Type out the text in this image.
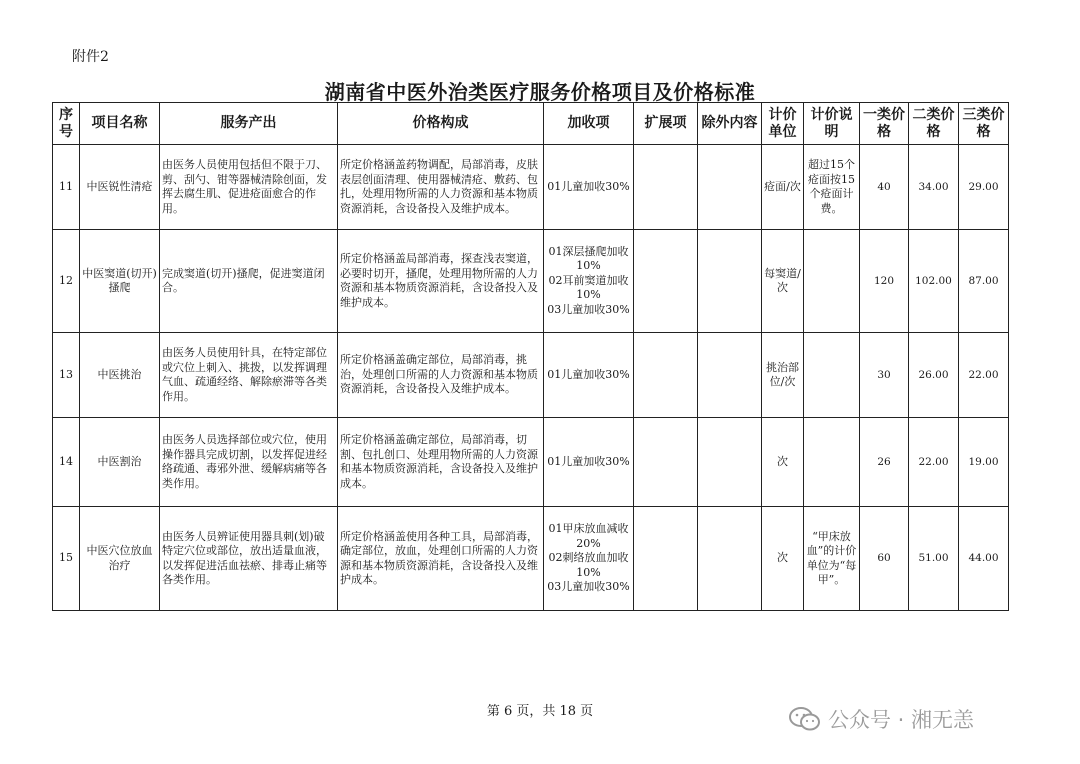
附件2
湖南省中医外治类医疗服务价格项目及价格标准
序号	项目名称	服务产出	价格构成	加收项	扩展项	除外内容	计价单位	计价说明	一类价格	二类价格	三类价格
11	中医锐性清疮	由医务人员使用包括但不限于刀、剪、刮勺、钳等器械清除创面，发挥去腐生肌、促进疮面愈合的作用。	所定价格涵盖药物调配，局部消毒，皮肤表层创面清理、使用器械清疮、敷药、包扎，处理用物所需的人力资源和基本物质资源消耗，含设备投入及维护成本。	01儿童加收30%			疮面/次	超过15个疮面按15个疮面计费。	40	34.00	29.00
12	中医窦道(切开)搔爬	完成窦道(切开)搔爬，促进窦道闭合。	所定价格涵盖局部消毒，探查浅表窦道，必要时切开，搔爬，处理用物所需的人力资源和基本物质资源消耗，含设备投入及维护成本。	01深层搔爬加收10%
02耳前窦道加收10%
03儿童加收30%			每窦道/次		120	102.00	87.00
13	中医挑治	由医务人员使用针具，在特定部位或穴位上刺入、挑拨，以发挥调理气血、疏通经络、解除瘀滞等各类作用。	所定价格涵盖确定部位，局部消毒，挑治，处理创口所需的人力资源和基本物质资源消耗，含设备投入及维护成本。	01儿童加收30%			挑治部位/次		30	26.00	22.00
14	中医割治	由医务人员选择部位或穴位，使用操作器具完成切割，以发挥促进经络疏通、毒邪外泄、缓解病痛等各类作用。	所定价格涵盖确定部位，局部消毒，切割、包扎创口、处理用物所需的人力资源和基本物质资源消耗，含设备投入及维护成本。	01儿童加收30%			次		26	22.00	19.00
15	中医穴位放血治疗	由医务人员辨证使用器具刺(划)破特定穴位或部位，放出适量血液，以发挥促进活血祛瘀、排毒止痛等各类作用。	所定价格涵盖使用各种工具，局部消毒，确定部位，放血，处理创口所需的人力资源和基本物质资源消耗，含设备投入及维护成本。	01甲床放血减收20%
02刺络放血加收10%
03儿童加收30%			次	“甲床放血”的计价单位为“每甲”。	60	51.00	44.00
第 6 页，共 18 页	公众号 · 湘无恙
